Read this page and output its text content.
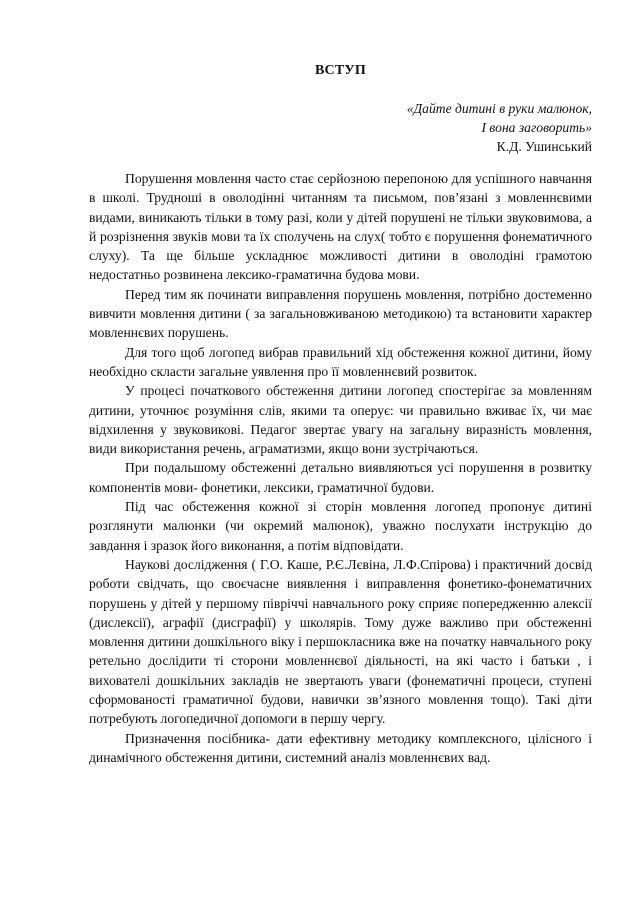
ВСТУП
«Дайте дитині в руки малюнок,
І вона заговорить»
К.Д. Ушинський

Порушення мовлення часто стає серйозною перепоною для успішного навчання в школі. Трудноші в оволодінні читанням та письмом, пов’язані з мовленнєвими видами, виникають тільки в тому разі, коли у дітей порушені не тільки звуковимова, а й розрізнення звуків мови та їх сполучень на слух( тобто є порушення фонематичного слуху). Та ще більше ускладнює можливості дитини в оволодіні грамотою недостатньо розвинена лексико-граматична будова мови.

Перед тим як починати виправлення порушень мовлення, потрібно достеменно вивчити мовлення дитини ( за загальновживаною методикою) та встановити характер мовленнєвих порушень.

Для того щоб логопед вибрав правильний хід обстеження кожної дитини, йому необхідно скласти загальне уявлення про її мовленнєвий розвиток.

У процесі початкового обстеження дитини логопед спостерігає за мовленням дитини, уточнює розуміння слів, якими та оперує: чи правильно вживає їх, чи має відхилення у звуковикові. Педагог звертає увагу на загальну виразність мовлення, види використання речень, аграматизми, якщо вони зустрічаються.

При подальшому обстеженні детально виявляються усі порушення в розвитку компонентів мови- фонетики, лексики, граматичної будови.

Під час обстеження кожної зі сторін мовлення логопед пропонує дитині розглянути малюнки (чи окремий малюнок), уважно послухати інструкцію до завдання і зразок його виконання, а потім відповідати.

Наукові дослідження ( Г.О. Каше, Р.Є.Лєвіна, Л.Ф.Спірова) і практичний досвід роботи свідчать, що своєчасне виявлення і виправлення фонетико-фонематичних порушень у дітей у першому півріччі навчального року сприяє попередженню алексії (дислексії), аграфії (дисграфії) у школярів. Тому дуже важливо при обстеженні мовлення дитини дошкільного віку і першокласника вже на початку навчального року ретельно дослідити ті сторони мовленнєвої діяльності, на які часто і батьки , і вихователі дошкільних закладів не звертають уваги (фонематичні процеси, ступені сформованості граматичної будови, навички зв’язного мовлення тощо). Такі діти потребують логопедичної допомоги в першу чергу.

Призначення посібника- дати ефективну методику комплексного, цілісного і динамічного обстеження дитини, системний аналіз мовленнєвих вад.
